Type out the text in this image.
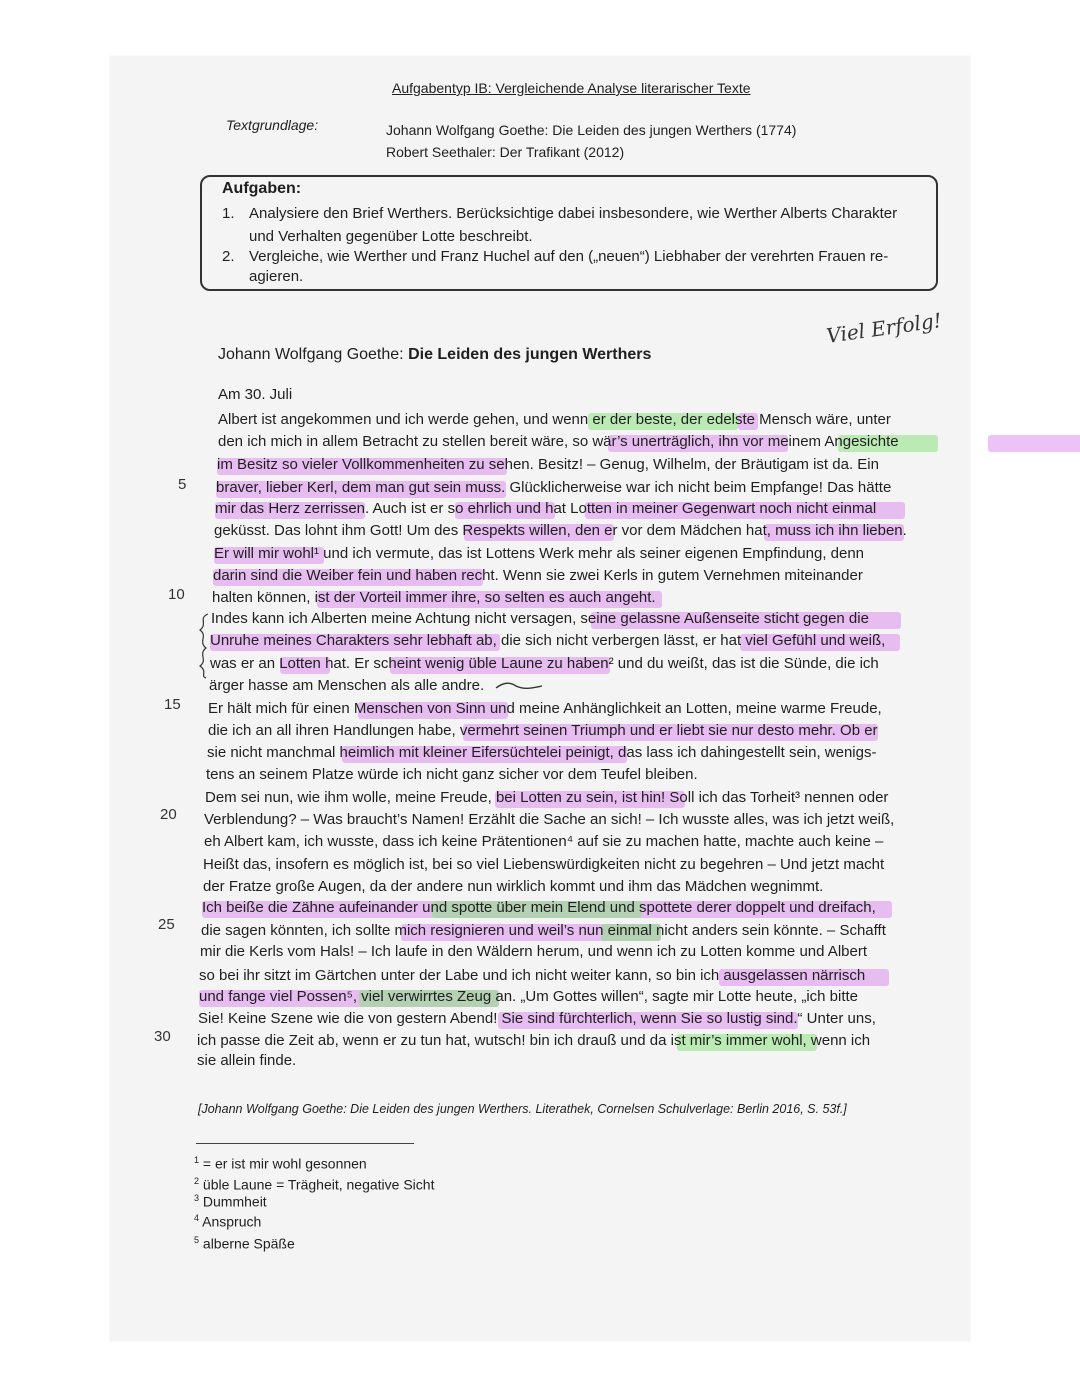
Aufgabentyp IB: Vergleichende Analyse literarischer Texte
Textgrundlage:	Johann Wolfgang Goethe: Die Leiden des jungen Werthers (1774)
Robert Seethaler: Der Trafikant (2012)
Aufgaben:
1. Analysiere den Brief Werthers. Berücksichtige dabei insbesondere, wie Werther Alberts Charakter
und Verhalten gegenüber Lotte beschreibt.
2. Vergleiche, wie Werther und Franz Huchel auf den („neuen“) Liebhaber der verehrten Frauen re-
agieren.
Viel Erfolg!
Johann Wolfgang Goethe: Die Leiden des jungen Werthers
Am 30. Juli
5
10
15
20
25
30
Albert ist angekommen und ich werde gehen, und wenn er der beste, der edelste Mensch wäre, unter
den ich mich in allem Betracht zu stellen bereit wäre, so wär’s unerträglich, ihn vor meinem Angesichte
im Besitz so vieler Vollkommenheiten zu sehen. Besitz! – Genug, Wilhelm, der Bräutigam ist da. Ein
braver, lieber Kerl, dem man gut sein muss. Glücklicherweise war ich nicht beim Empfange! Das hätte
mir das Herz zerrissen. Auch ist er so ehrlich und hat Lotten in meiner Gegenwart noch nicht einmal
geküsst. Das lohnt ihm Gott! Um des Respekts willen, den er vor dem Mädchen hat, muss ich ihn lieben.
Er will mir wohl¹ und ich vermute, das ist Lottens Werk mehr als seiner eigenen Empfindung, denn
darin sind die Weiber fein und haben recht. Wenn sie zwei Kerls in gutem Vernehmen miteinander
halten können, ist der Vorteil immer ihre, so selten es auch angeht.
Indes kann ich Alberten meine Achtung nicht versagen, seine gelassne Außenseite sticht gegen die
Unruhe meines Charakters sehr lebhaft ab, die sich nicht verbergen lässt, er hat viel Gefühl und weiß,
was er an Lotten hat. Er scheint wenig üble Laune zu haben² und du weißt, das ist die Sünde, die ich
ärger hasse am Menschen als alle andre.
Er hält mich für einen Menschen von Sinn und meine Anhänglichkeit an Lotten, meine warme Freude,
die ich an all ihren Handlungen habe, vermehrt seinen Triumph und er liebt sie nur desto mehr. Ob er
sie nicht manchmal heimlich mit kleiner Eifersüchtelei peinigt, das lass ich dahingestellt sein, wenigs-
tens an seinem Platze würde ich nicht ganz sicher vor dem Teufel bleiben.
Dem sei nun, wie ihm wolle, meine Freude, bei Lotten zu sein, ist hin! Soll ich das Torheit³ nennen oder
Verblendung? – Was braucht’s Namen! Erzählt die Sache an sich! – Ich wusste alles, was ich jetzt weiß,
eh Albert kam, ich wusste, dass ich keine Prätentionen⁴ auf sie zu machen hatte, machte auch keine –
Heißt das, insofern es möglich ist, bei so viel Liebenswürdigkeiten nicht zu begehren – Und jetzt macht
der Fratze große Augen, da der andere nun wirklich kommt und ihm das Mädchen wegnimmt.
Ich beiße die Zähne aufeinander und spotte über mein Elend und spottete derer doppelt und dreifach,
die sagen könnten, ich sollte mich resignieren und weil’s nun einmal nicht anders sein könnte. – Schafft
mir die Kerls vom Hals! – Ich laufe in den Wäldern herum, und wenn ich zu Lotten komme und Albert
so bei ihr sitzt im Gärtchen unter der Labe und ich nicht weiter kann, so bin ich ausgelassen närrisch
und fange viel Possen⁵, viel verwirrtes Zeug an. „Um Gottes willen“, sagte mir Lotte heute, „ich bitte
Sie! Keine Szene wie die von gestern Abend! Sie sind fürchterlich, wenn Sie so lustig sind.“ Unter uns,
ich passe die Zeit ab, wenn er zu tun hat, wutsch! bin ich drauß und da ist mir’s immer wohl, wenn ich
sie allein finde.
[Johann Wolfgang Goethe: Die Leiden des jungen Werthers. Literathek, Cornelsen Schulverlage: Berlin 2016, S. 53f.]
$^1$ = er ist mir wohl gesonnen
$^2$ üble Laune = Trägheit, negative Sicht
$^3$ Dummheit
$^4$ Anspruch
$^5$ alberne Späße
